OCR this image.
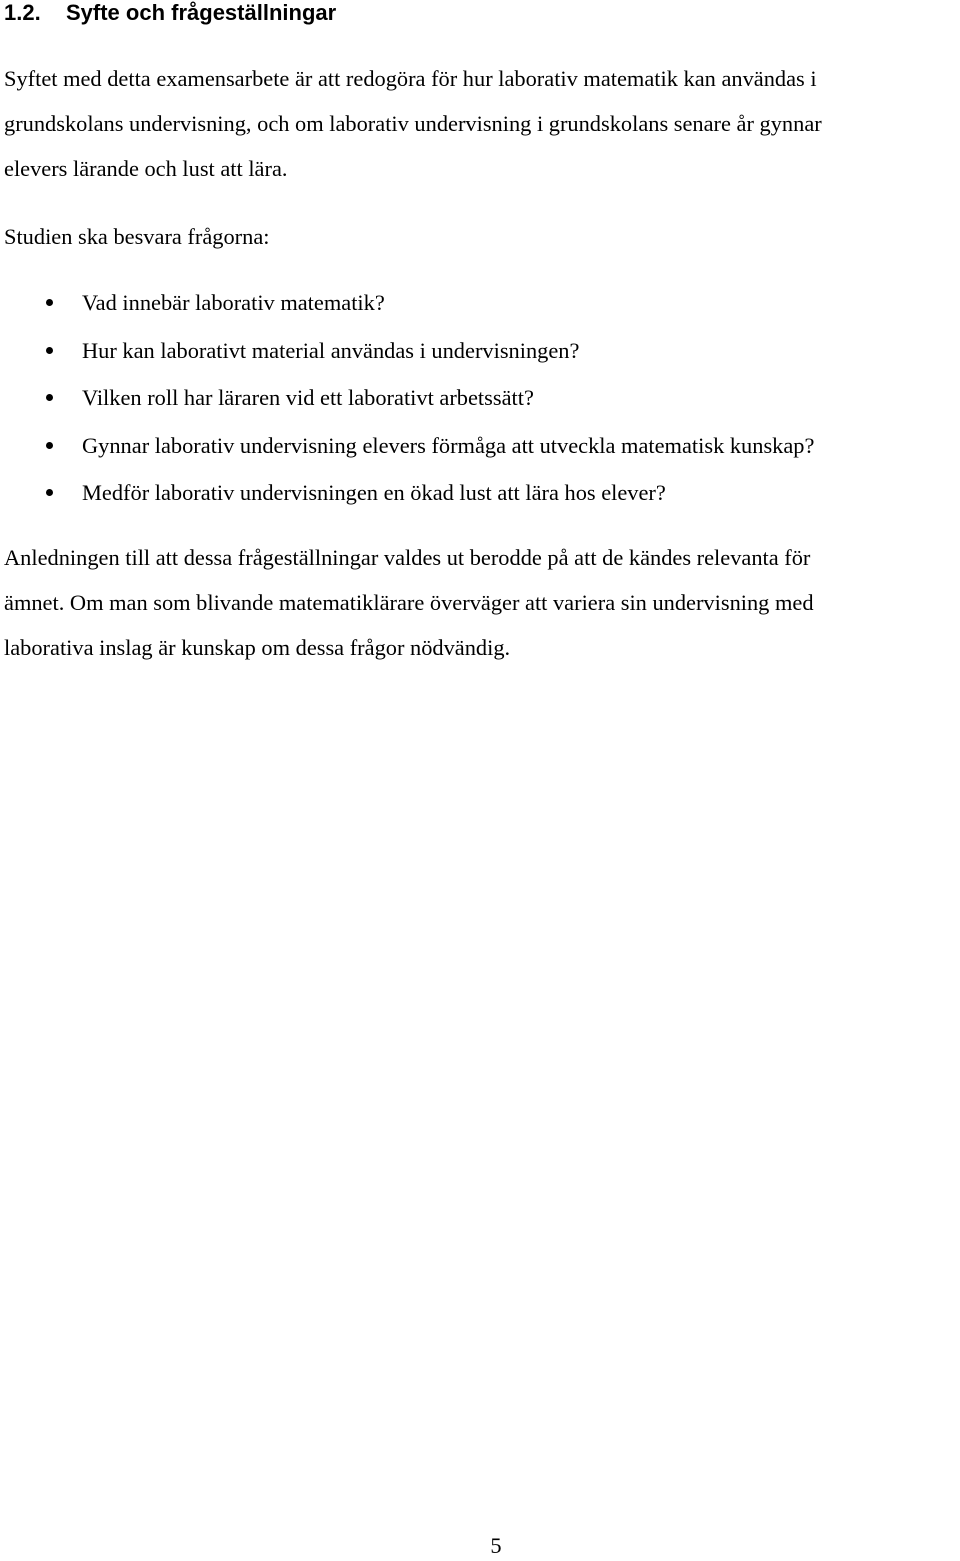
1.2. Syfte och frågeställningar

Syftet med detta examensarbete är att redogöra för hur laborativ matematik kan användas i
grundskolans undervisning, och om laborativ undervisning i grundskolans senare år gynnar
elevers lärande och lust att lära.

Studien ska besvara frågorna:

Vad innebär laborativ matematik?
Hur kan laborativt material användas i undervisningen?
Vilken roll har läraren vid ett laborativt arbetssätt?
Gynnar laborativ undervisning elevers förmåga att utveckla matematisk kunskap?
Medför laborativ undervisningen en ökad lust att lära hos elever?

Anledningen till att dessa frågeställningar valdes ut berodde på att de kändes relevanta för
ämnet. Om man som blivande matematiklärare överväger att variera sin undervisning med
laborativa inslag är kunskap om dessa frågor nödvändig.

5
